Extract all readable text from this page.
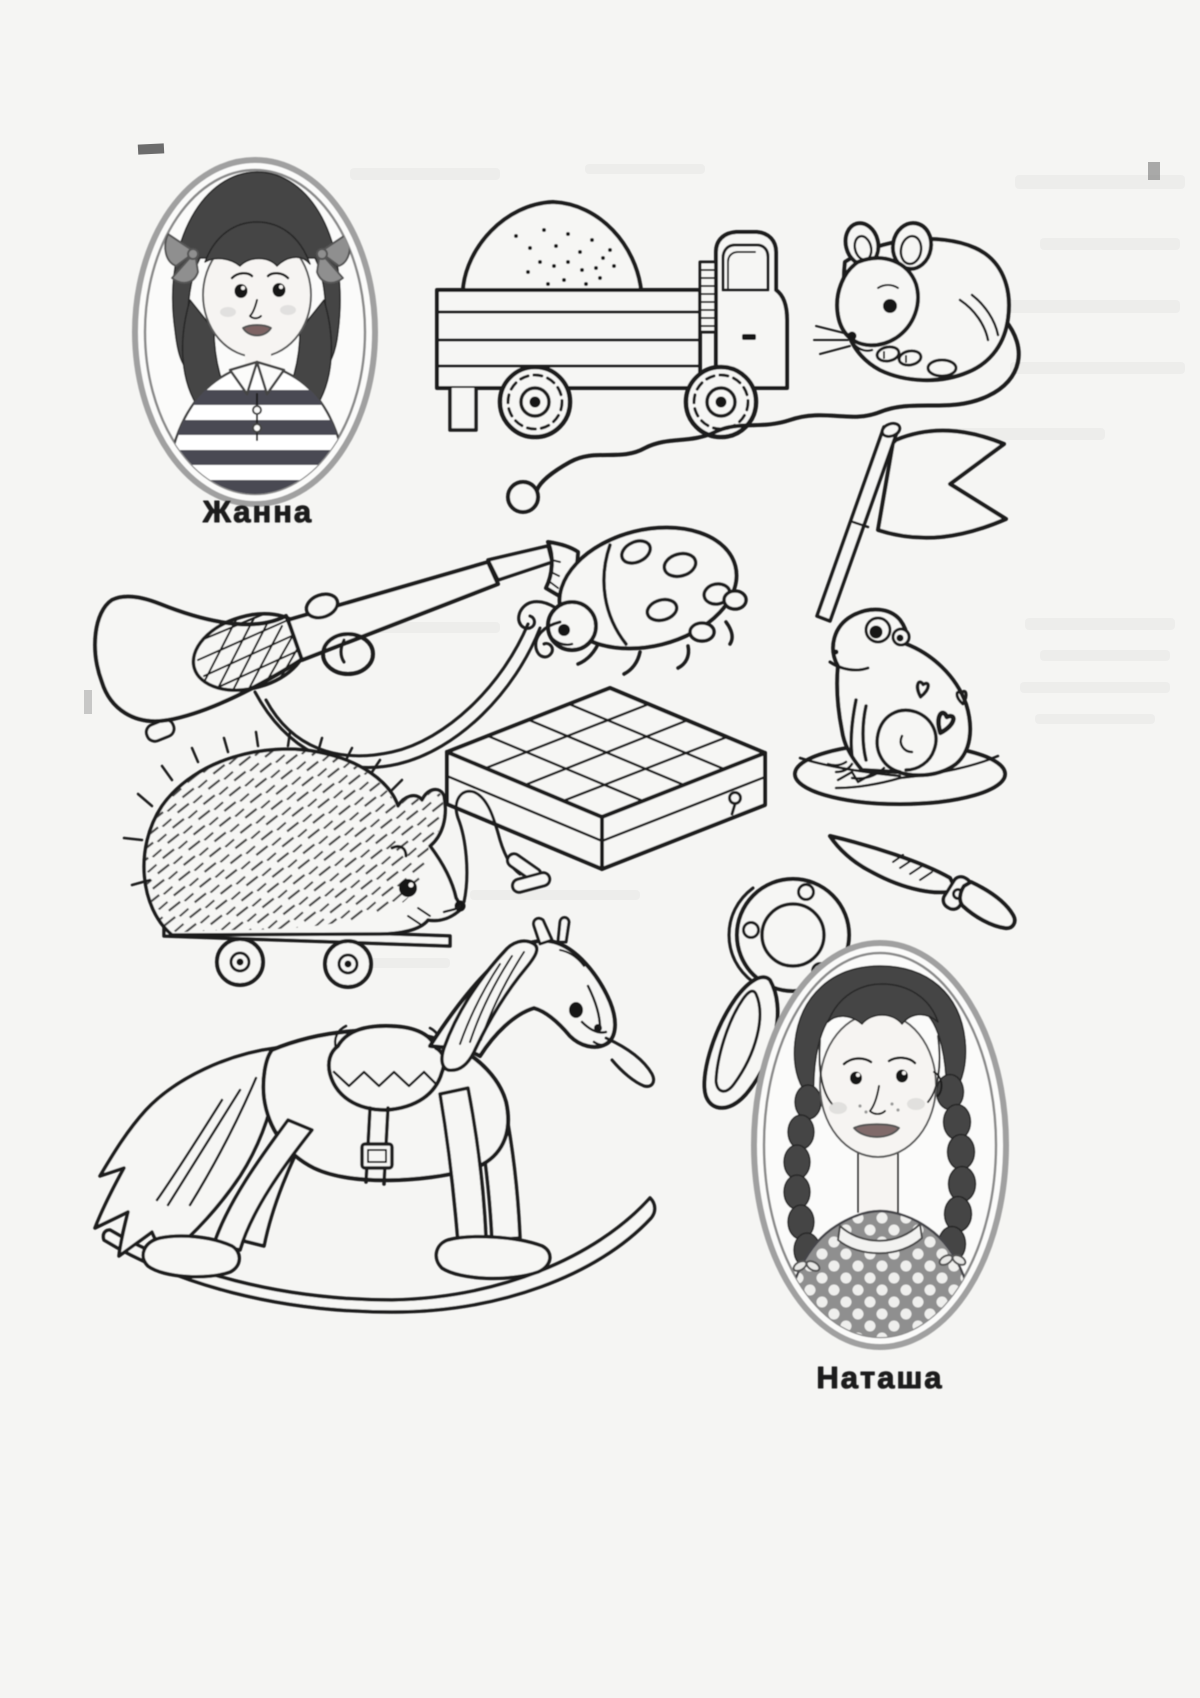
Жанна
Наташа
